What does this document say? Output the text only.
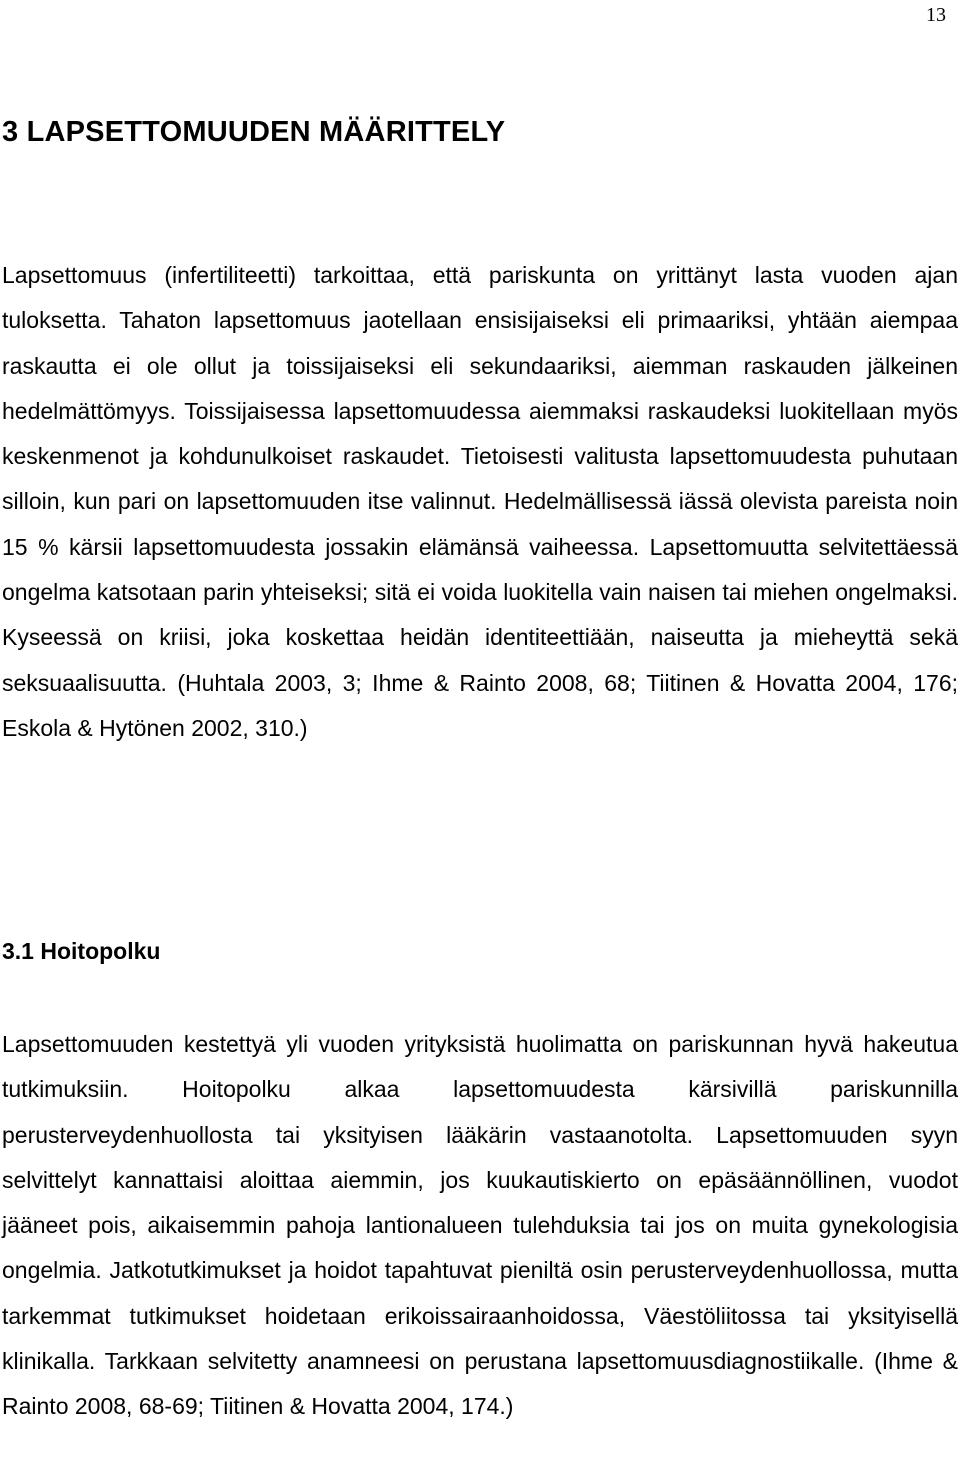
13
3 LAPSETTOMUUDEN MÄÄRITTELY

Lapsettomuus (infertiliteetti) tarkoittaa, että pariskunta on yrittänyt lasta vuoden ajan tuloksetta. Tahaton lapsettomuus jaotellaan ensisijaiseksi eli primaariksi, yhtään aiempaa raskautta ei ole ollut ja toissijaiseksi eli sekundaariksi, aiemman raskauden jälkeinen hedelmättömyys. Toissijaisessa lapsettomuudessa aiemmaksi raskaudeksi luokitellaan myös keskenmenot ja kohdunulkoiset raskaudet. Tietoisesti valitusta lapsettomuudesta puhutaan silloin, kun pari on lapsettomuuden itse valinnut. Hedelmällisessä iässä olevista pareista noin 15 % kärsii lapsettomuudesta jossakin elämänsä vaiheessa. Lapsettomuutta selvitettäessä ongelma katsotaan parin yhteiseksi; sitä ei voida luokitella vain naisen tai miehen ongelmaksi. Kyseessä on kriisi, joka koskettaa heidän identiteettiään, naiseutta ja mieheyttä sekä seksuaalisuutta. (Huhtala 2003, 3; Ihme & Rainto 2008, 68; Tiitinen & Hovatta 2004, 176; Eskola & Hytönen 2002, 310.)

3.1 Hoitopolku

Lapsettomuuden kestettyä yli vuoden yrityksistä huolimatta on pariskunnan hyvä hakeutua tutkimuksiin. Hoitopolku alkaa lapsettomuudesta kärsivillä pariskunnilla perusterveydenhuollosta tai yksityisen lääkärin vastaanotolta. Lapsettomuuden syyn selvittelyt kannattaisi aloittaa aiemmin, jos kuukautiskierto on epäsäännöllinen, vuodot jääneet pois, aikaisemmin pahoja lantionalueen tulehduksia tai jos on muita gynekologisia ongelmia. Jatkotutkimukset ja hoidot tapahtuvat pieniltä osin perusterveydenhuollossa, mutta tarkemmat tutkimukset hoidetaan erikoissairaanhoidossa, Väestöliitossa tai yksityisellä klinikalla. Tarkkaan selvitetty anamneesi on perustana lapsettomuusdiagnostiikalle. (Ihme & Rainto 2008, 68-69; Tiitinen & Hovatta 2004, 174.)
